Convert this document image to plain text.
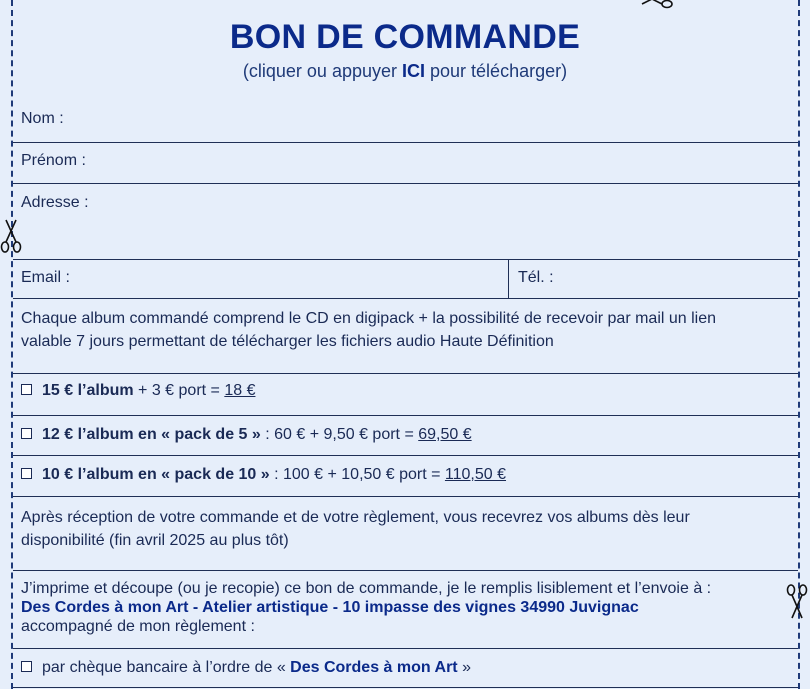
BON DE COMMANDE
(cliquer ou appuyer ICI pour télécharger)
Nom :
Prénom :
Adresse :
Email :	Tél. :
Chaque album commandé comprend le CD en digipack + la possibilité de recevoir par mail un lien
valable 7 jours permettant de télécharger les fichiers audio Haute Définition
15 € l’album + 3 € port = 18 €
12 € l’album en « pack de 5 » : 60 € + 9,50 € port = 69,50 €
10 € l’album en « pack de 10 » : 100 € + 10,50 € port = 110,50 €
Après réception de votre commande et de votre règlement, vous recevrez vos albums dès leur
disponibilité (fin avril 2025 au plus tôt)
J’imprime et découpe (ou je recopie) ce bon de commande, je le remplis lisiblement et l’envoie à :
Des Cordes à mon Art - Atelier artistique - 10 impasse des vignes 34990 Juvignac
accompagné de mon règlement :
par chèque bancaire à l’ordre de « Des Cordes à mon Art »
